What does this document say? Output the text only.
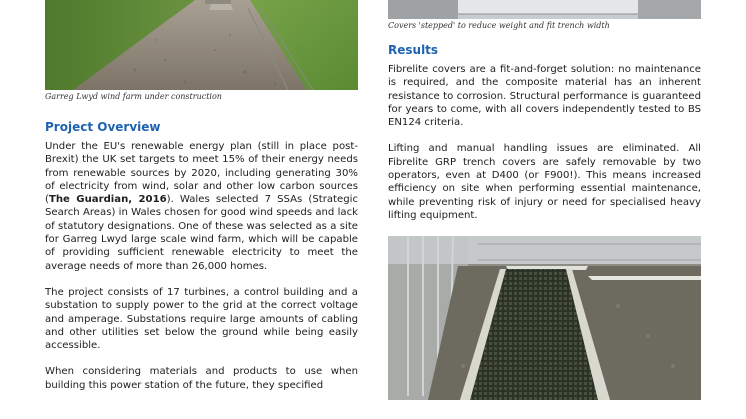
Garreg Lwyd wind farm under construction

Project Overview

Under the EU's renewable energy plan (still in place post-Brexit) the UK set targets to meet 15% of their energy needs from renewable sources by 2020, including generating 30% of electricity from wind, solar and other low carbon sources (The Guardian, 2016). Wales selected 7 SSAs (Strategic Search Areas) in Wales chosen for good wind speeds and lack of statutory designations. One of these was selected as a site for Garreg Lwyd large scale wind farm, which will be capable of providing sufficient renewable electricity to meet the average needs of more than 26,000 homes.

The project consists of 17 turbines, a control building and a substation to supply power to the grid at the correct voltage and amperage. Substations require large amounts of cabling and other utilities set below the ground while being easily accessible.

When considering materials and products to use when building this power station of the future, they specified

Covers 'stepped' to reduce weight and fit trench width

Results

Fibrelite covers are a fit-and-forget solution: no maintenance is required, and the composite material has an inherent resistance to corrosion. Structural performance is guaranteed for years to come, with all covers independently tested to BS EN124 criteria.

Lifting and manual handling issues are eliminated. All Fibrelite GRP trench covers are safely removable by two operators, even at D400 (or F900!). This means increased efficiency on site when performing essential maintenance, while preventing risk of injury or need for specialised heavy lifting equipment.
